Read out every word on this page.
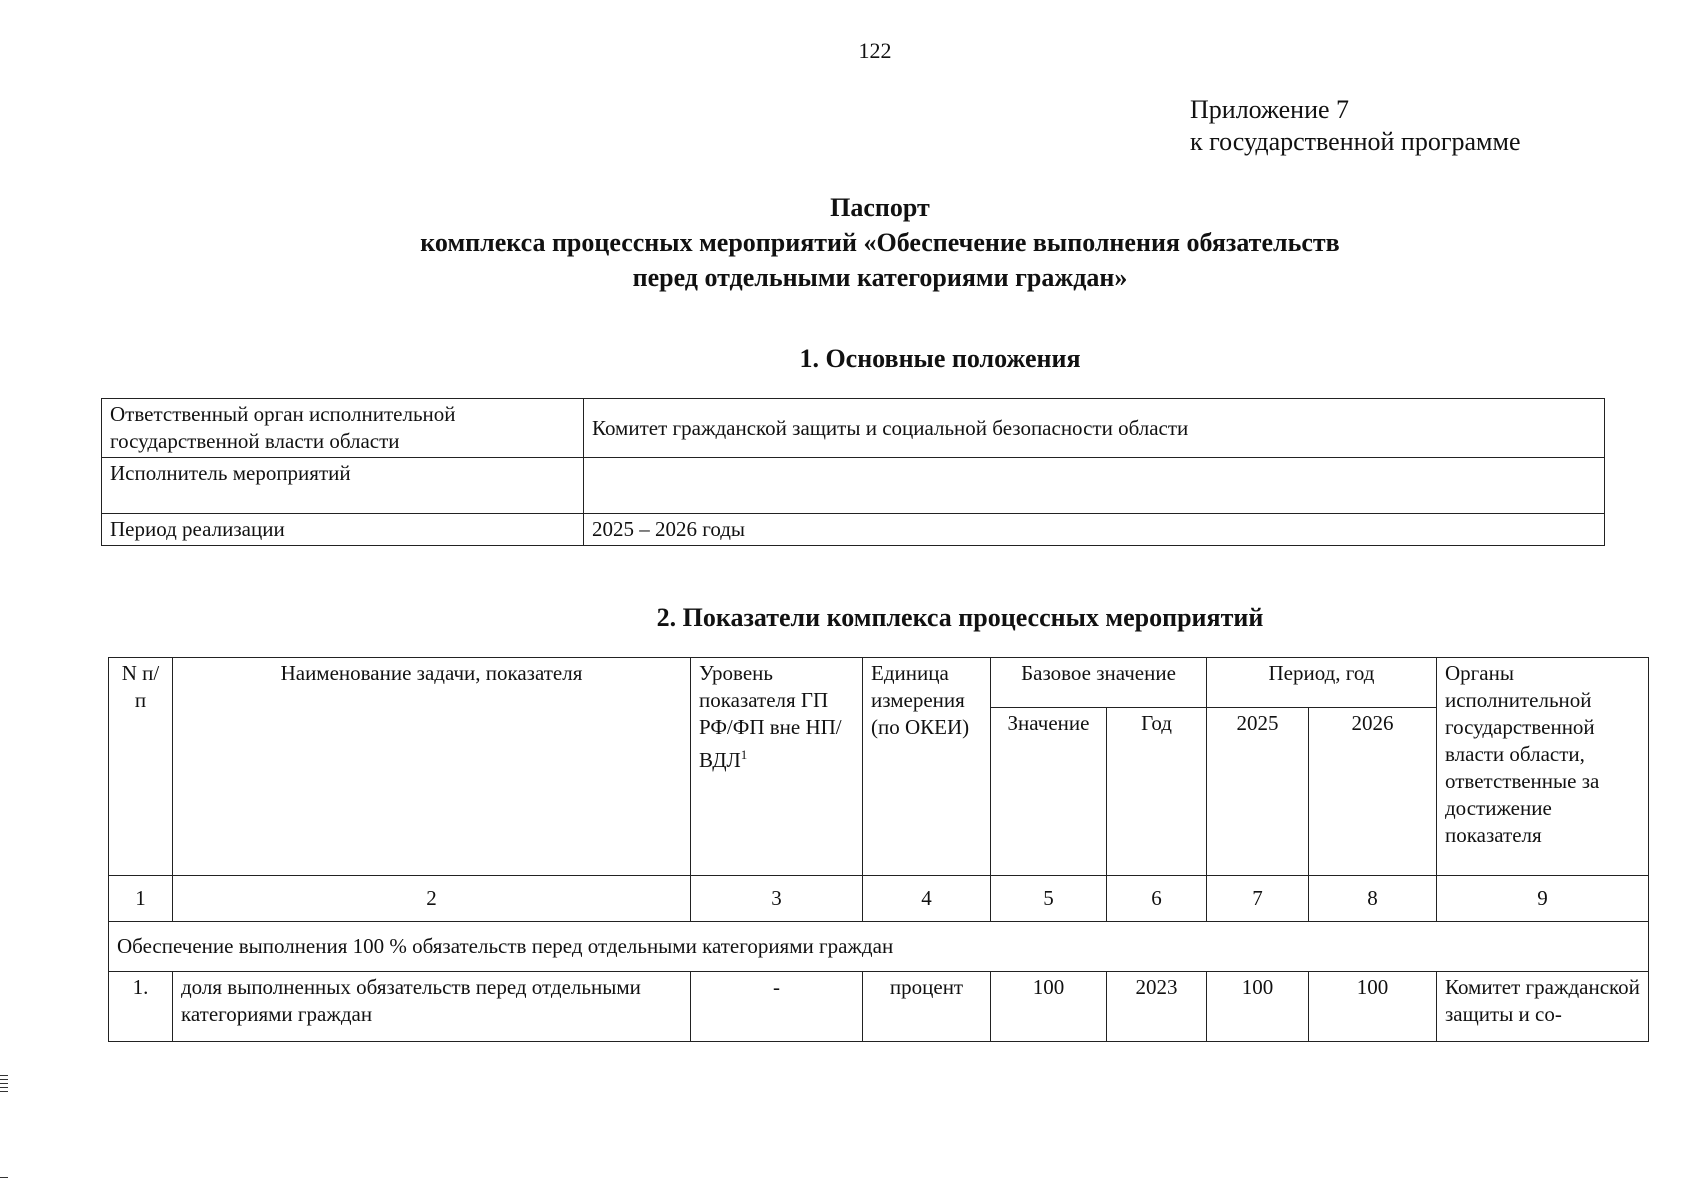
122
Приложение 7
к государственной программе
Паспорт
комплекса процессных мероприятий «Обеспечение выполнения обязательств
перед отдельными категориями граждан»
1. Основные положения
Ответственный орган исполнительной государственной власти области	Комитет гражданской защиты и социальной безопасности области
Исполнитель мероприятий	
Период реализации	2025 – 2026 годы
2. Показатели комплекса процессных мероприятий
N п/п	Наименование задачи, показателя	Уровень показателя ГП РФ/ФП вне НП/ВДЛ$^1$	Единица измерения (по ОКЕИ)	Базовое значение		Период, год		Органы исполнительной государственной власти области, ответственные за достижение показателя
				Значение	Год	2025	2026	
1	2	3	4	5	6	7	8	9
Обеспечение выполнения 100 % обязательств перед отдельными категориями граждан								
1.	доля выполненных обязательств перед отдельными категориями граждан	-	процент	100	2023	100	100	Комитет гражданской защиты и со-
